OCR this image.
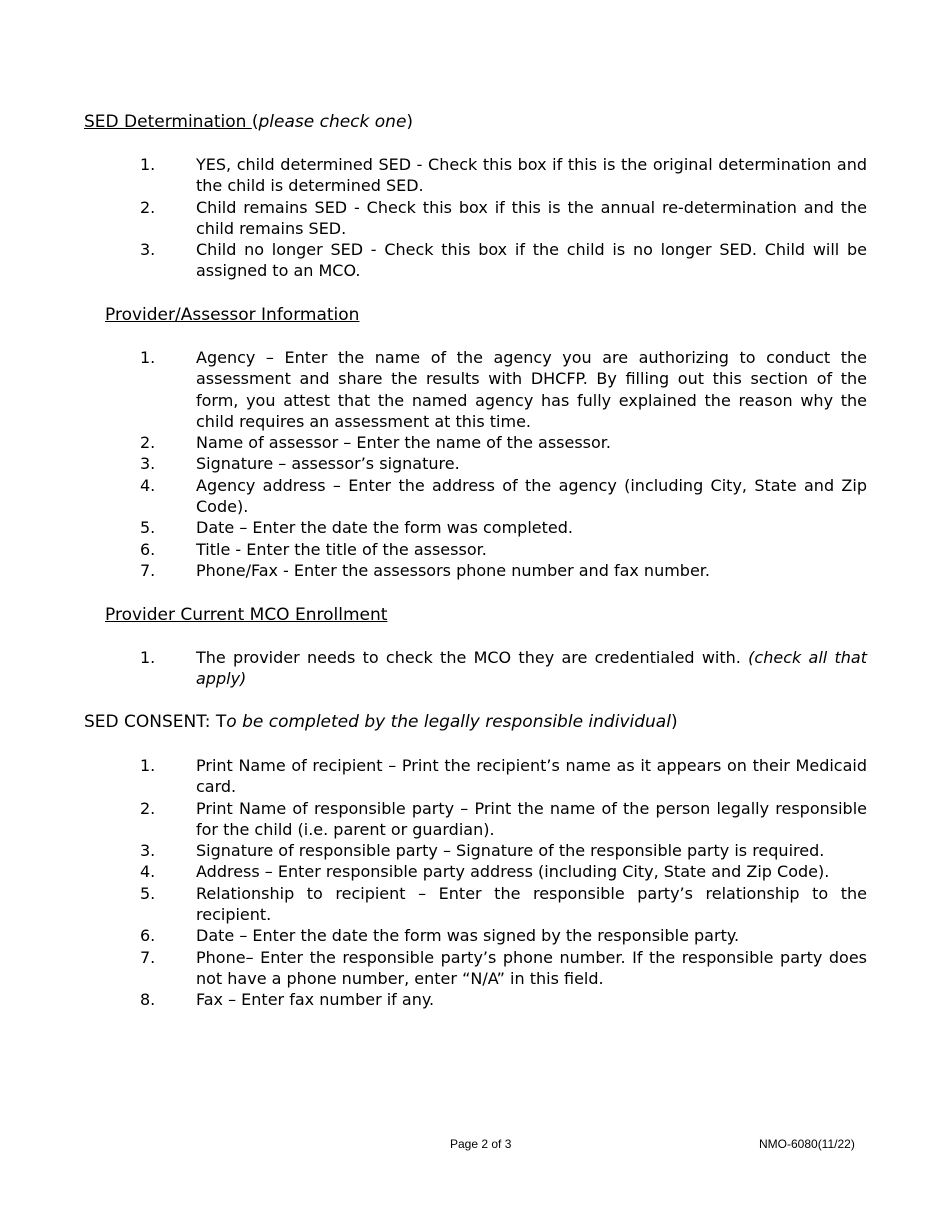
SED Determination (please check one)
1.	YES, child determined SED - Check this box if this is the original determination and the child is determined SED.
2.	Child remains SED - Check this box if this is the annual re-determination and the child remains SED.
3.	Child no longer SED - Check this box if the child is no longer SED. Child will be assigned to an MCO.
Provider/Assessor Information
1.	Agency – Enter the name of the agency you are authorizing to conduct the assessment and share the results with DHCFP. By filling out this section of the form, you attest that the named agency has fully explained the reason why the child requires an assessment at this time.
2.	Name of assessor – Enter the name of the assessor.
3.	Signature – assessor’s signature.
4.	Agency address – Enter the address of the agency (including City, State and Zip Code).
5.	Date – Enter the date the form was completed.
6.	Title - Enter the title of the assessor.
7.	Phone/Fax - Enter the assessors phone number and fax number.
Provider Current MCO Enrollment
1.	The provider needs to check the MCO they are credentialed with. (check all that apply)
SED CONSENT: To be completed by the legally responsible individual)
1.	Print Name of recipient – Print the recipient’s name as it appears on their Medicaid card.
2.	Print Name of responsible party – Print the name of the person legally responsible for the child (i.e. parent or guardian).
3.	Signature of responsible party – Signature of the responsible party is required.
4.	Address – Enter responsible party address (including City, State and Zip Code).
5.	Relationship to recipient – Enter the responsible party’s relationship to the recipient.
6.	Date – Enter the date the form was signed by the responsible party.
7.	Phone– Enter the responsible party’s phone number. If the responsible party does not have a phone number, enter “N/A” in this field.
8.	Fax – Enter fax number if any.
Page 2 of 3	NMO-6080(11/22)
